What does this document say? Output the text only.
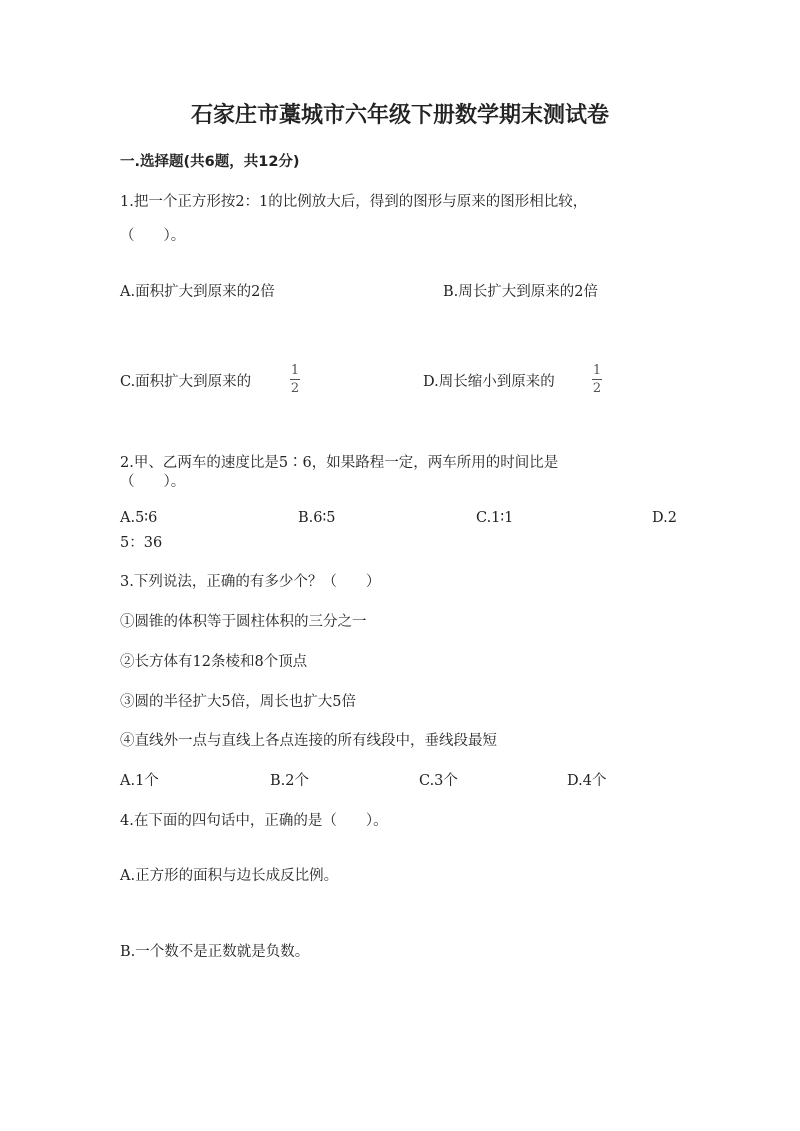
石家庄市藁城市六年级下册数学期末测试卷
一.选择题(共6题，共12分)
1.把一个正方形按2：1的比例放大后，得到的图形与原来的图形相比较，
（　　）。
A.面积扩大到原来的2倍	B.周长扩大到原来的2倍
C.面积扩大到原来的
1
2	D.周长缩小到原来的
1
2
2.甲、乙两车的速度比是5∶6，如果路程一定，两车所用的时间比是
（　　）。
A.5∶6	B.6∶5	C.1∶1	D.2
5：36
3.下列说法，正确的有多少个？（　　）
①圆锥的体积等于圆柱体积的三分之一
②长方体有12条棱和8个顶点
③圆的半径扩大5倍，周长也扩大5倍
④直线外一点与直线上各点连接的所有线段中，垂线段最短
A.1个	B.2个	C.3个	D.4个
4.在下面的四句话中，正确的是（　　）。
A.正方形的面积与边长成反比例。
B.一个数不是正数就是负数。
